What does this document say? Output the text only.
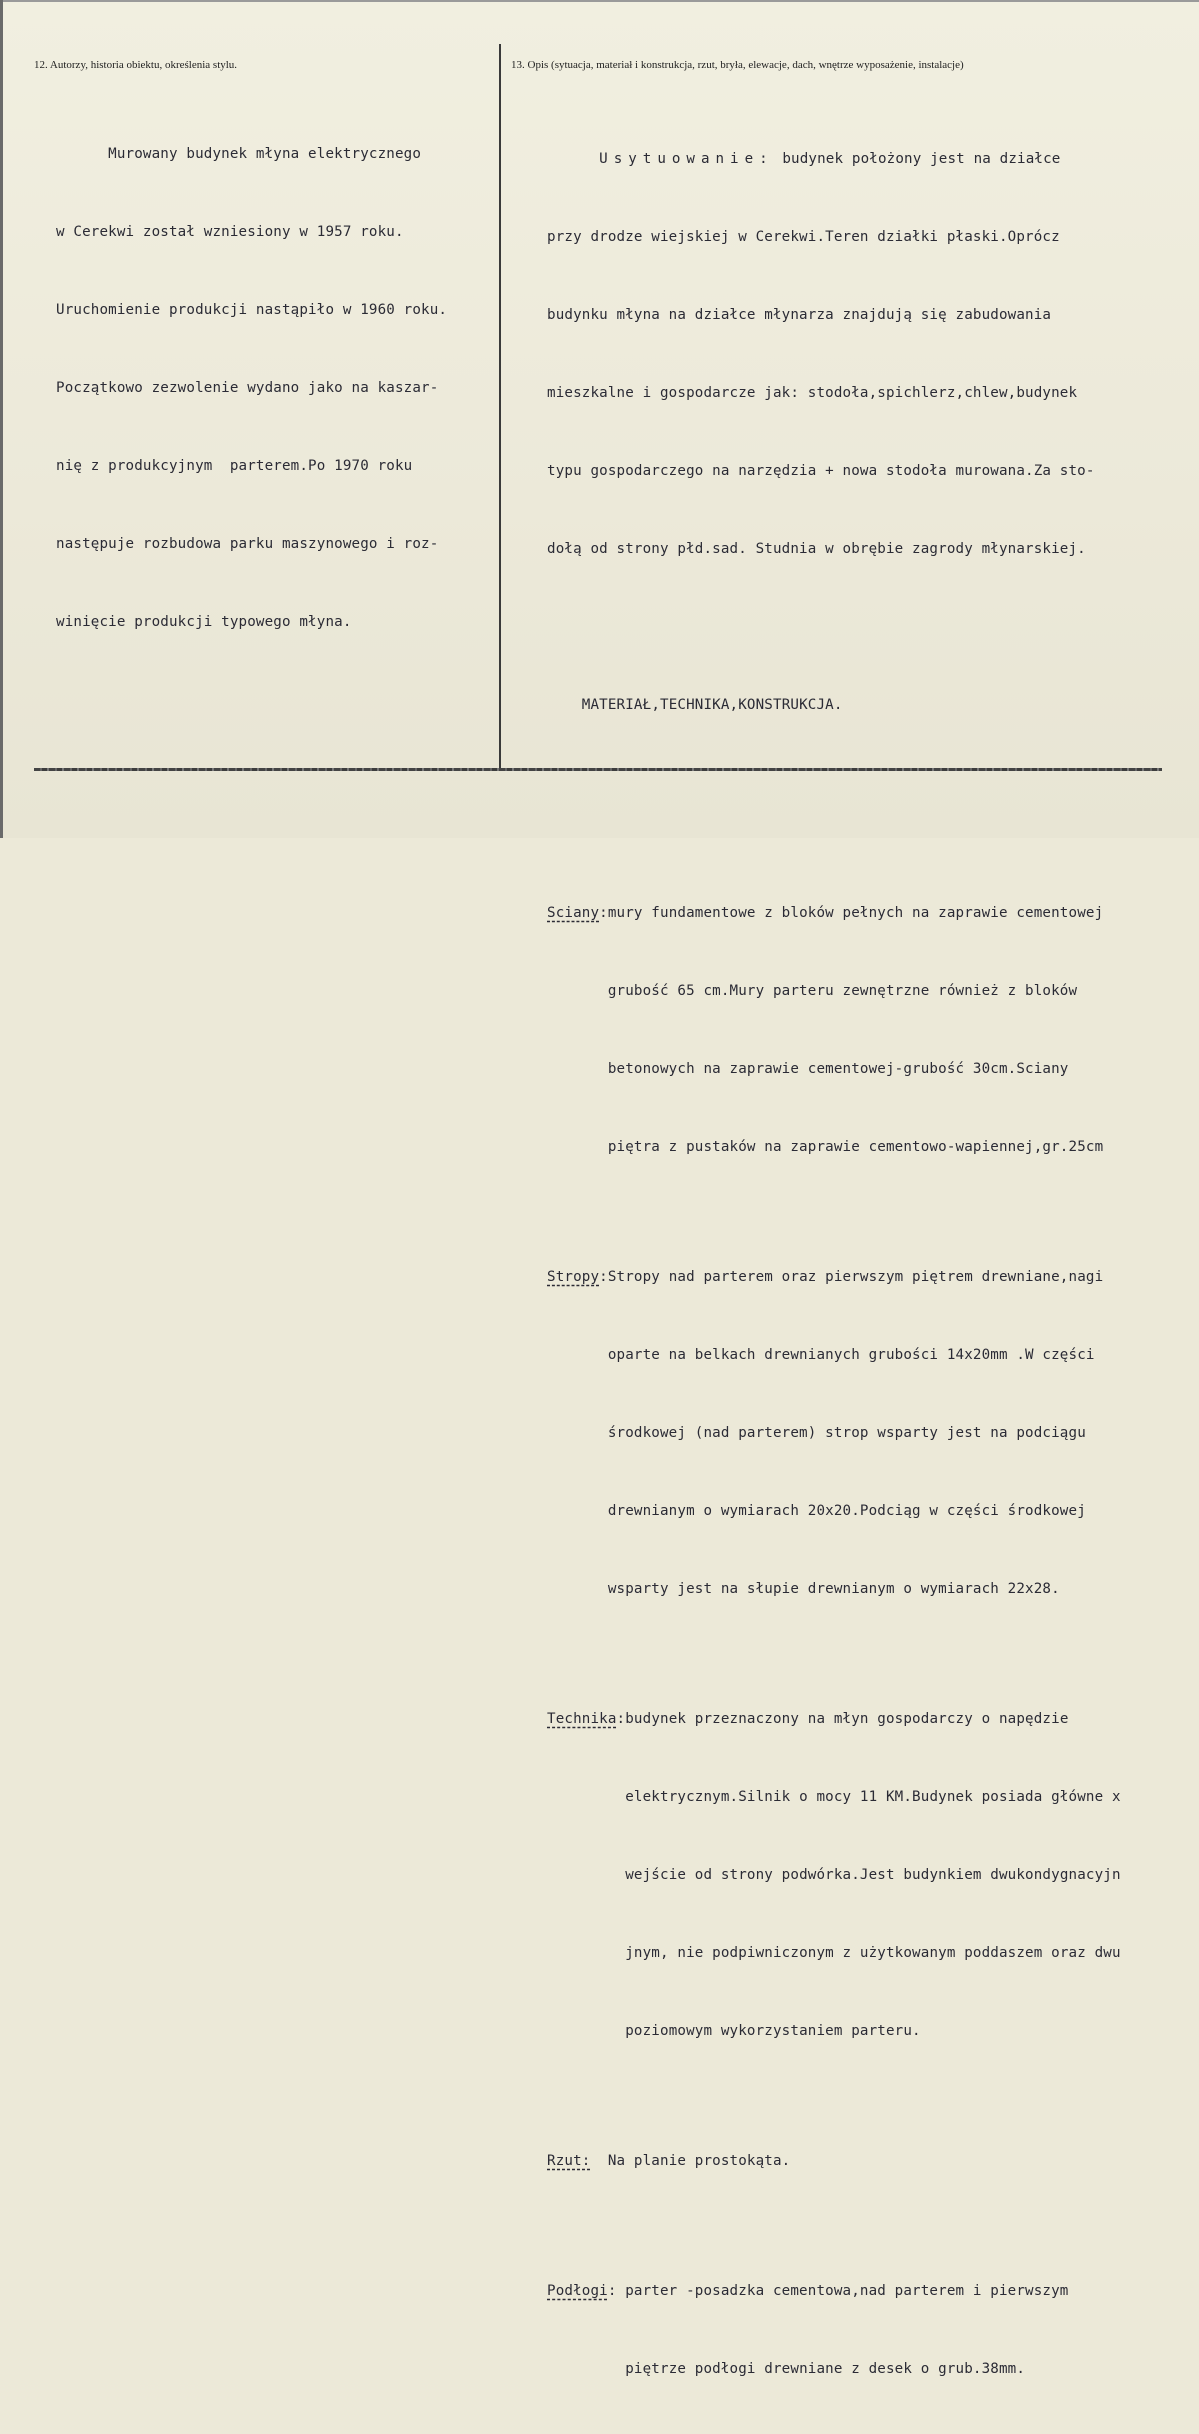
12. Autorzy, historia obiektu, określenia stylu.	13. Opis (sytuacja, materiał i konstrukcja, rzut, bryła, elewacje, dach, wnętrze wyposażenie, instalacje)

Murowany budynek młyna elektrycznego

w Cerekwi został wzniesiony w 1957 roku.

Uruchomienie produkcji nastąpiło w 1960 roku.

Początkowo zezwolenie wydano jako na kaszar-

nię z produkcyjnym  parterem.Po 1970 roku

następuje rozbudowa parku maszynowego i roz-

winięcie produkcji typowego młyna.

Usytuowanie: budynek położony jest na działce

przy drodze wiejskiej w Cerekwi.Teren działki płaski.Oprócz

budynku młyna na działce młynarza znajdują się zabudowania

mieszkalne i gospodarcze jak: stodoła,spichlerz,chlew,budynek

typu gospodarczego na narzędzia + nowa stodoła murowana.Za sto-

dołą od strony płd.sad. Studnia w obrębie zagrody młynarskiej.

MATERIAŁ,TECHNIKA,KONSTRUKCJA.

Sciany:mury fundamentowe z bloków pełnych na zaprawie cementowej

grubość 65 cm.Mury parteru zewnętrzne również z bloków

betonowych na zaprawie cementowej-grubość 30cm.Sciany

piętra z pustaków na zaprawie cementowo-wapiennej,gr.25cm

Stropy:Stropy nad parterem oraz pierwszym piętrem drewniane,nagi

oparte na belkach drewnianych grubości 14x20mm .W części

środkowej (nad parterem) strop wsparty jest na podciągu

drewnianym o wymiarach 20x20.Podciąg w części środkowej

wsparty jest na słupie drewnianym o wymiarach 22x28.

Technika:budynek przeznaczony na młyn gospodarczy o napędzie

elektrycznym.Silnik o mocy 11 KM.Budynek posiada główne x

wejście od strony podwórka.Jest budynkiem dwukondygnacyjn

jnym, nie podpiwniczonym z użytkowanym poddaszem oraz dwu

poziomowym wykorzystaniem parteru.

Rzut:  Na planie prostokąta.

Podłogi: parter -posadzka cementowa,nad parterem i pierwszym

piętrze podłogi drewniane z desek o grub.38mm.
